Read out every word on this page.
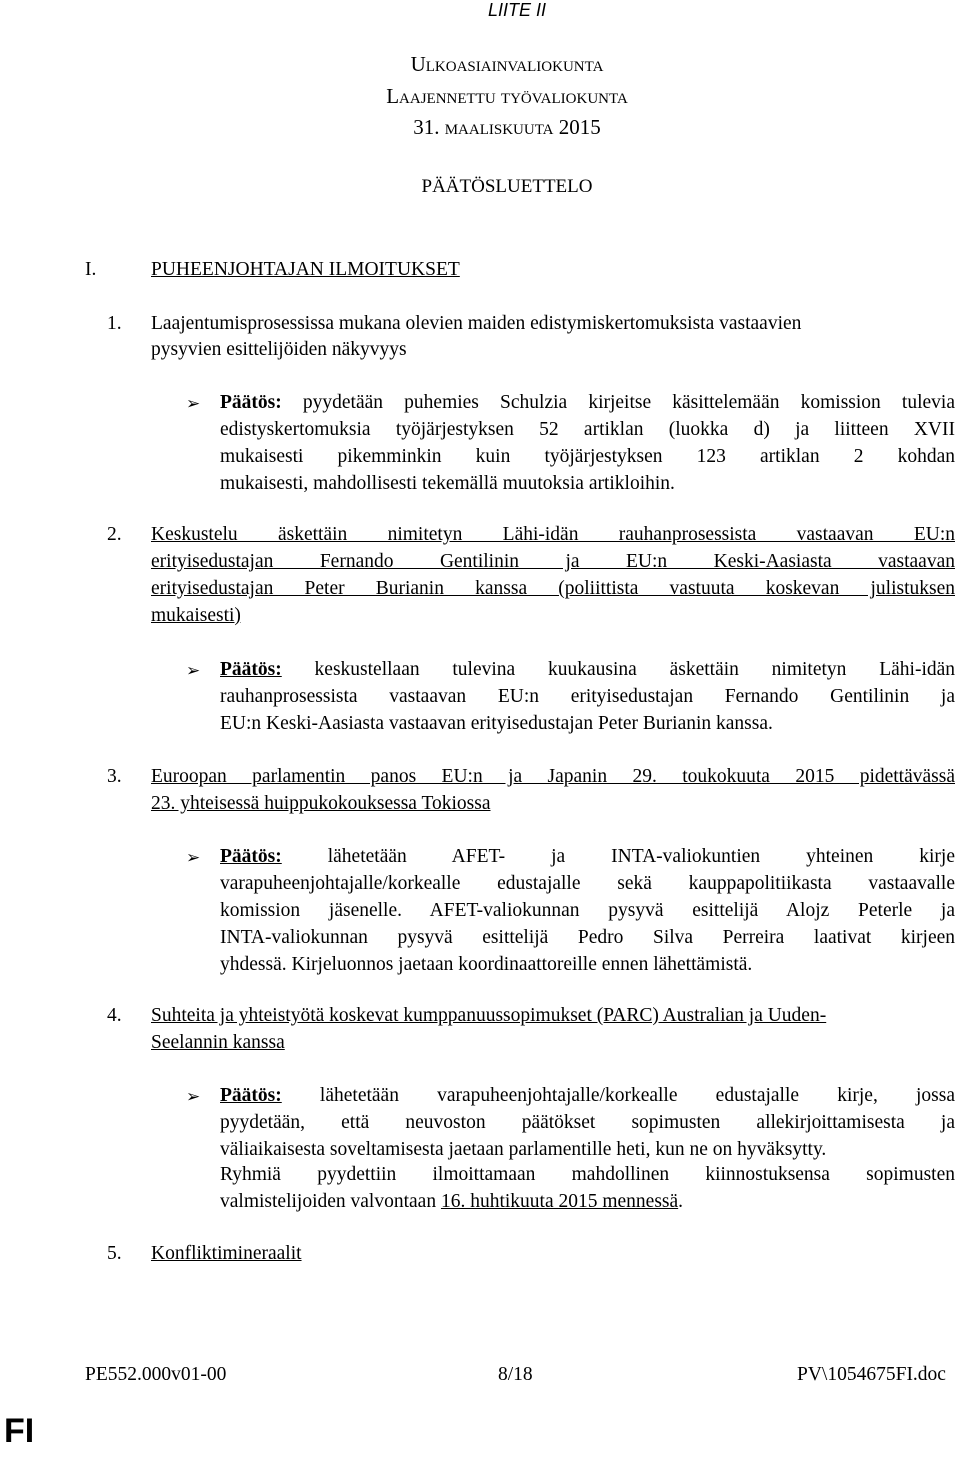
LIITE II
Ulkoasiainvaliokunta
Laajennettu työvaliokunta
31. maaliskuuta 2015
PÄÄTÖSLUETTELO
I.	PUHEENJOHTAJAN ILMOITUKSET
1. Laajentumisprosessissa mukana olevien maiden edistymiskertomuksista vastaavien
pysyvien esittelijöiden näkyvyys
➢ Päätös: pyydetään puhemies Schulzia kirjeitse käsittelemään komission tulevia
edistyskertomuksia työjärjestyksen 52 artiklan (luokka d) ja liitteen XVII
mukaisesti pikemminkin kuin työjärjestyksen 123 artiklan 2 kohdan
mukaisesti, mahdollisesti tekemällä muutoksia artikloihin.
2. Keskustelu äskettäin nimitetyn Lähi-idän rauhanprosessista vastaavan EU:n
erityisedustajan Fernando Gentilinin ja EU:n Keski-Aasiasta vastaavan
erityisedustajan Peter Burianin kanssa (poliittista vastuuta koskevan julistuksen
mukaisesti)
➢ Päätös: keskustellaan tulevina kuukausina äskettäin nimitetyn Lähi-idän
rauhanprosessista vastaavan EU:n erityisedustajan Fernando Gentilinin ja
EU:n Keski-Aasiasta vastaavan erityisedustajan Peter Burianin kanssa.
3. Euroopan parlamentin panos EU:n ja Japanin 29. toukokuuta 2015 pidettävässä
23. yhteisessä huippukokouksessa Tokiossa
➢ Päätös: lähetetään AFET- ja INTA-valiokuntien yhteinen kirje
varapuheenjohtajalle/korkealle edustajalle sekä kauppapolitiikasta vastaavalle
komission jäsenelle. AFET-valiokunnan pysyvä esittelijä Alojz Peterle ja
INTA-valiokunnan pysyvä esittelijä Pedro Silva Perreira laativat kirjeen
yhdessä. Kirjeluonnos jaetaan koordinaattoreille ennen lähettämistä.
4. Suhteita ja yhteistyötä koskevat kumppanuussopimukset (PARC) Australian ja Uuden-
Seelannin kanssa
➢ Päätös: lähetetään varapuheenjohtajalle/korkealle edustajalle kirje, jossa
pyydetään, että neuvoston päätökset sopimusten allekirjoittamisesta ja
väliaikaisesta soveltamisesta jaetaan parlamentille heti, kun ne on hyväksytty.
Ryhmiä pyydettiin ilmoittamaan mahdollinen kiinnostuksensa sopimusten
valmistelijoiden valvontaan 16. huhtikuuta 2015 mennessä.
5. Konfliktimineraalit
PE552.000v01-00	8/18	PV\1054675FI.doc
FI
